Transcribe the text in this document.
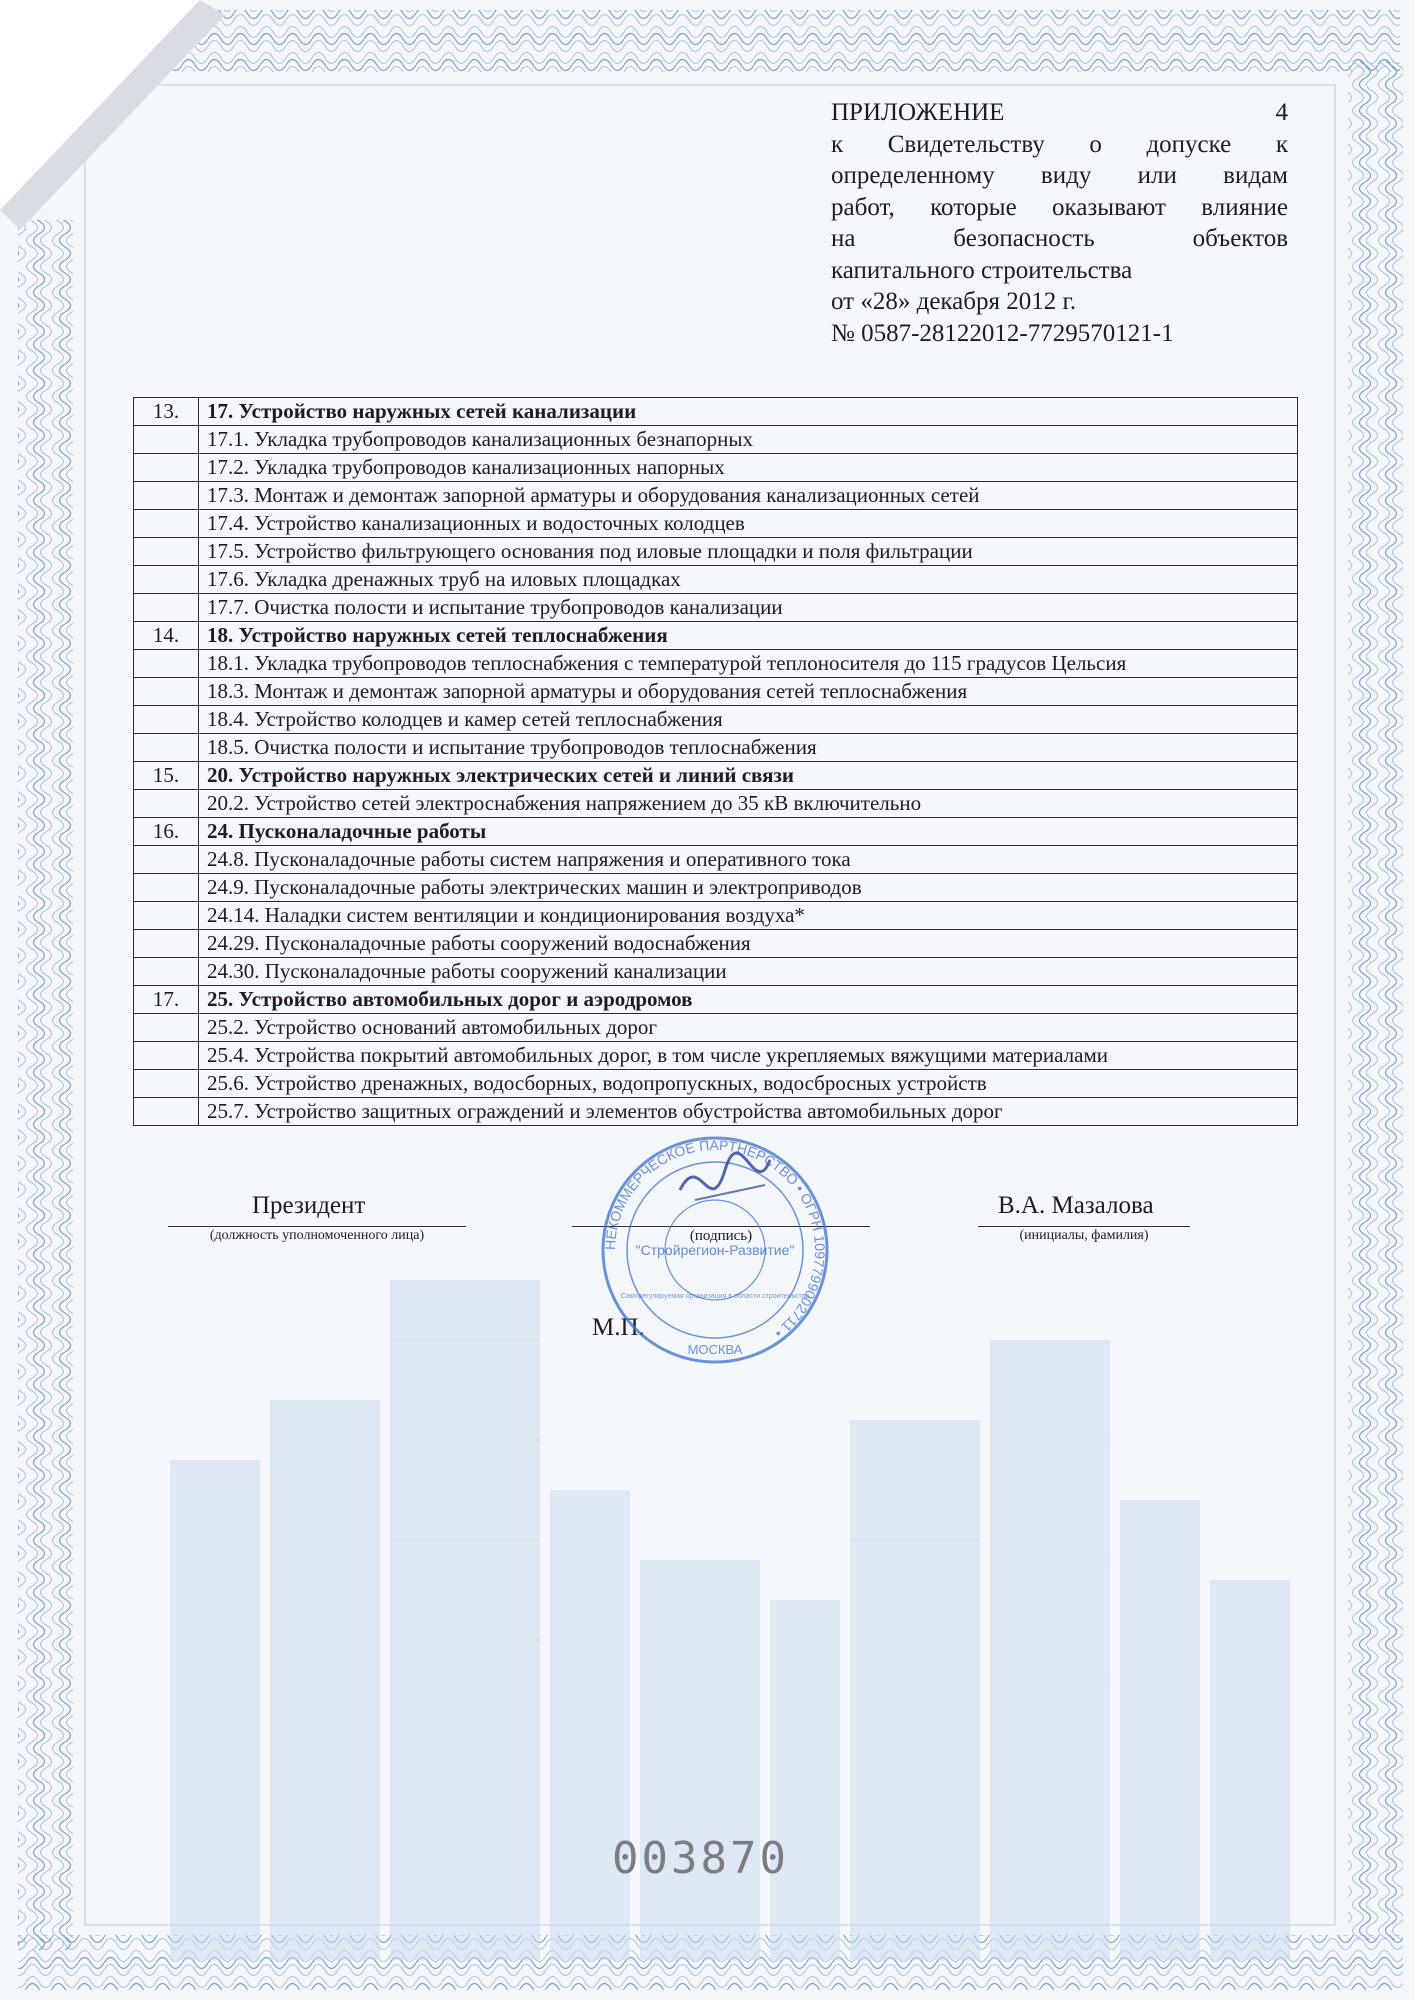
ПРИЛОЖЕНИЕ	4
к Свидетельству о допуске к
определенному виду или видам
работ, которые оказывают влияние
на безопасность объектов
капитального строительства
от «28» декабря 2012 г.
№ 0587-28122012-7729570121-1
13.	17. Устройство наружных сетей канализации
	17.1. Укладка трубопроводов канализационных безнапорных
	17.2. Укладка трубопроводов канализационных напорных
	17.3. Монтаж и демонтаж запорной арматуры и оборудования канализационных сетей
	17.4. Устройство канализационных и водосточных колодцев
	17.5. Устройство фильтрующего основания под иловые площадки и поля фильтрации
	17.6. Укладка дренажных труб на иловых площадках
	17.7. Очистка полости и испытание трубопроводов канализации
14.	18. Устройство наружных сетей теплоснабжения
	18.1. Укладка трубопроводов теплоснабжения с температурой теплоносителя до 115 градусов Цельсия
	18.3. Монтаж и демонтаж запорной арматуры и оборудования сетей теплоснабжения
	18.4. Устройство колодцев и камер сетей теплоснабжения
	18.5. Очистка полости и испытание трубопроводов теплоснабжения
15.	20. Устройство наружных электрических сетей и линий связи
	20.2. Устройство сетей электроснабжения напряжением до 35 кВ включительно
16.	24. Пусконаладочные работы
	24.8. Пусконаладочные работы систем напряжения и оперативного тока
	24.9. Пусконаладочные работы электрических машин и электроприводов
	24.14. Наладки систем вентиляции и кондиционирования воздуха*
	24.29. Пусконаладочные работы сооружений водоснабжения
	24.30. Пусконаладочные работы сооружений канализации
17.	25. Устройство автомобильных дорог и аэродромов
	25.2. Устройство оснований автомобильных дорог
	25.4. Устройства покрытий автомобильных дорог, в том числе укрепляемых вяжущими материалами
	25.6. Устройство дренажных, водосборных, водопропускных, водосбросных устройств
	25.7. Устройство защитных ограждений и элементов обустройства автомобильных дорог
Президент
(должность уполномоченного лица)	(подпись)
В.А. Мазалова
(инициалы, фамилия)
М.П.
НЕКОММЕРЧЕСКОЕ ПАРТНЕРСТВО • ОГРН 1097799002711 •
"Стройрегион-Развитие"
МОСКВА
Саморегулируемая организация в области строительства
003870
